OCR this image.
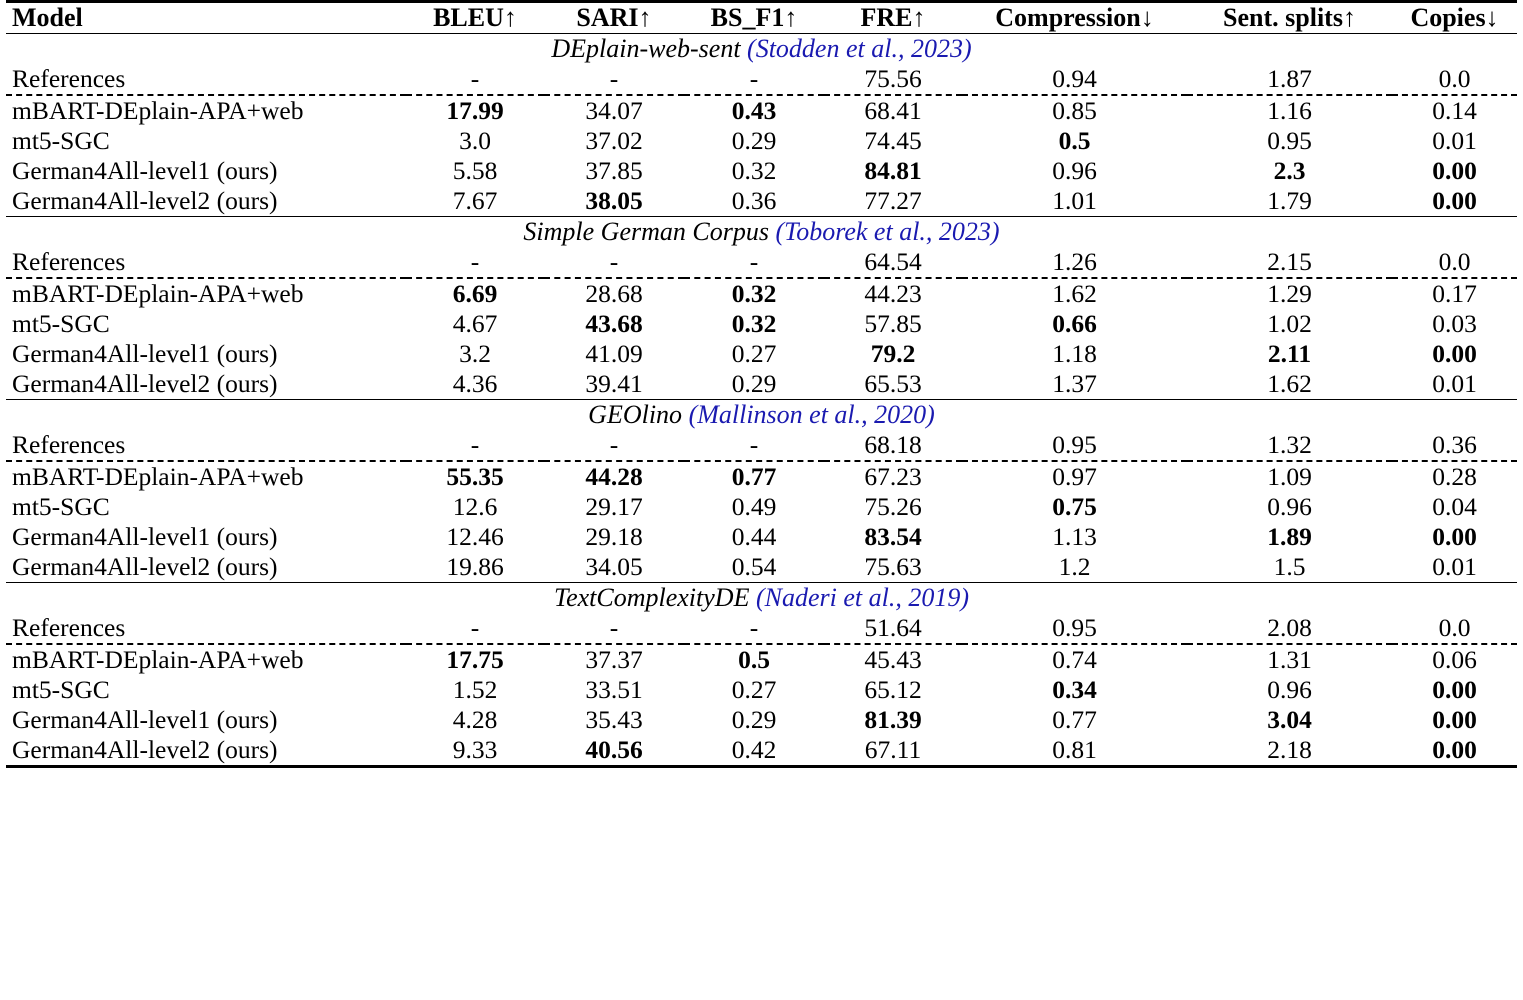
Model	BLEU↑	SARI↑	BS_F1↑	FRE↑	Compression↓	Sent. splits↑	Copies↓

DEplain-web-sent (Stodden et al., 2023)							
References	-	-	-	75.56	0.94	1.87	0.0

mBART-DEplain-APA+web	17.99	34.07	0.43	68.41	0.85	1.16	0.14
mt5-SGC	3.0	37.02	0.29	74.45	0.5	0.95	0.01
German4All-level1 (ours)	5.58	37.85	0.32	84.81	0.96	2.3	0.00
German4All-level2 (ours)	7.67	38.05	0.36	77.27	1.01	1.79	0.00

Simple German Corpus (Toborek et al., 2023)							
References	-	-	-	64.54	1.26	2.15	0.0

mBART-DEplain-APA+web	6.69	28.68	0.32	44.23	1.62	1.29	0.17
mt5-SGC	4.67	43.68	0.32	57.85	0.66	1.02	0.03
German4All-level1 (ours)	3.2	41.09	0.27	79.2	1.18	2.11	0.00
German4All-level2 (ours)	4.36	39.41	0.29	65.53	1.37	1.62	0.01

GEOlino (Mallinson et al., 2020)							
References	-	-	-	68.18	0.95	1.32	0.36

mBART-DEplain-APA+web	55.35	44.28	0.77	67.23	0.97	1.09	0.28
mt5-SGC	12.6	29.17	0.49	75.26	0.75	0.96	0.04
German4All-level1 (ours)	12.46	29.18	0.44	83.54	1.13	1.89	0.00
German4All-level2 (ours)	19.86	34.05	0.54	75.63	1.2	1.5	0.01

TextComplexityDE (Naderi et al., 2019)							
References	-	-	-	51.64	0.95	2.08	0.0

mBART-DEplain-APA+web	17.75	37.37	0.5	45.43	0.74	1.31	0.06
mt5-SGC	1.52	33.51	0.27	65.12	0.34	0.96	0.00
German4All-level1 (ours)	4.28	35.43	0.29	81.39	0.77	3.04	0.00
German4All-level2 (ours)	9.33	40.56	0.42	67.11	0.81	2.18	0.00
